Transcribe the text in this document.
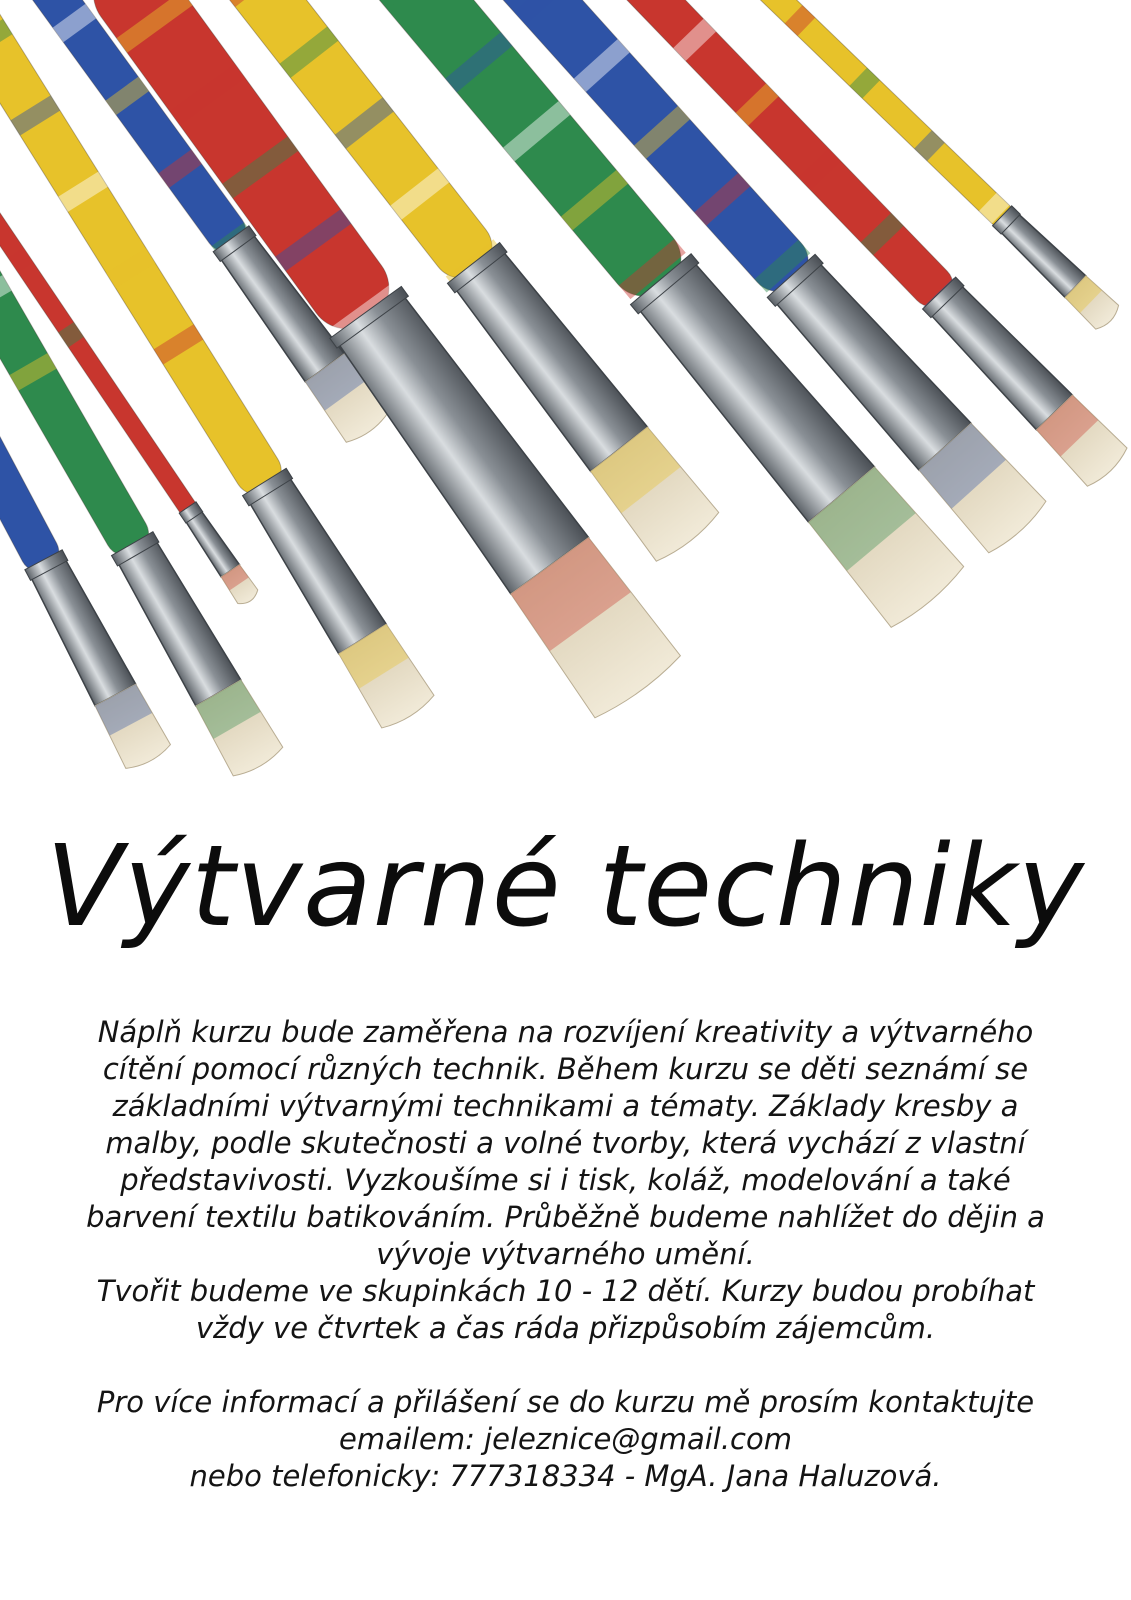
Výtvarné techniky

Náplň kurzu bude zaměřena na rozvíjení kreativity a výtvarného

cítění pomocí různých technik. Během kurzu se děti seznámí se

základními výtvarnými technikami a tématy. Základy kresby a

malby, podle skutečnosti a volné tvorby, která vychází z vlastní

představivosti. Vyzkoušíme si i tisk, koláž, modelování a také

barvení textilu batikováním. Průběžně budeme nahlížet do dějin a

vývoje výtvarného umění.

Tvořit budeme ve skupinkách 10 - 12 dětí. Kurzy budou probíhat

vždy ve čtvrtek a čas ráda přizpůsobím zájemcům.

Pro více informací a přilášení se do kurzu mě prosím kontaktujte

emailem: jeleznice@gmail.com

nebo telefonicky: 777318334 - MgA. Jana Haluzová.
